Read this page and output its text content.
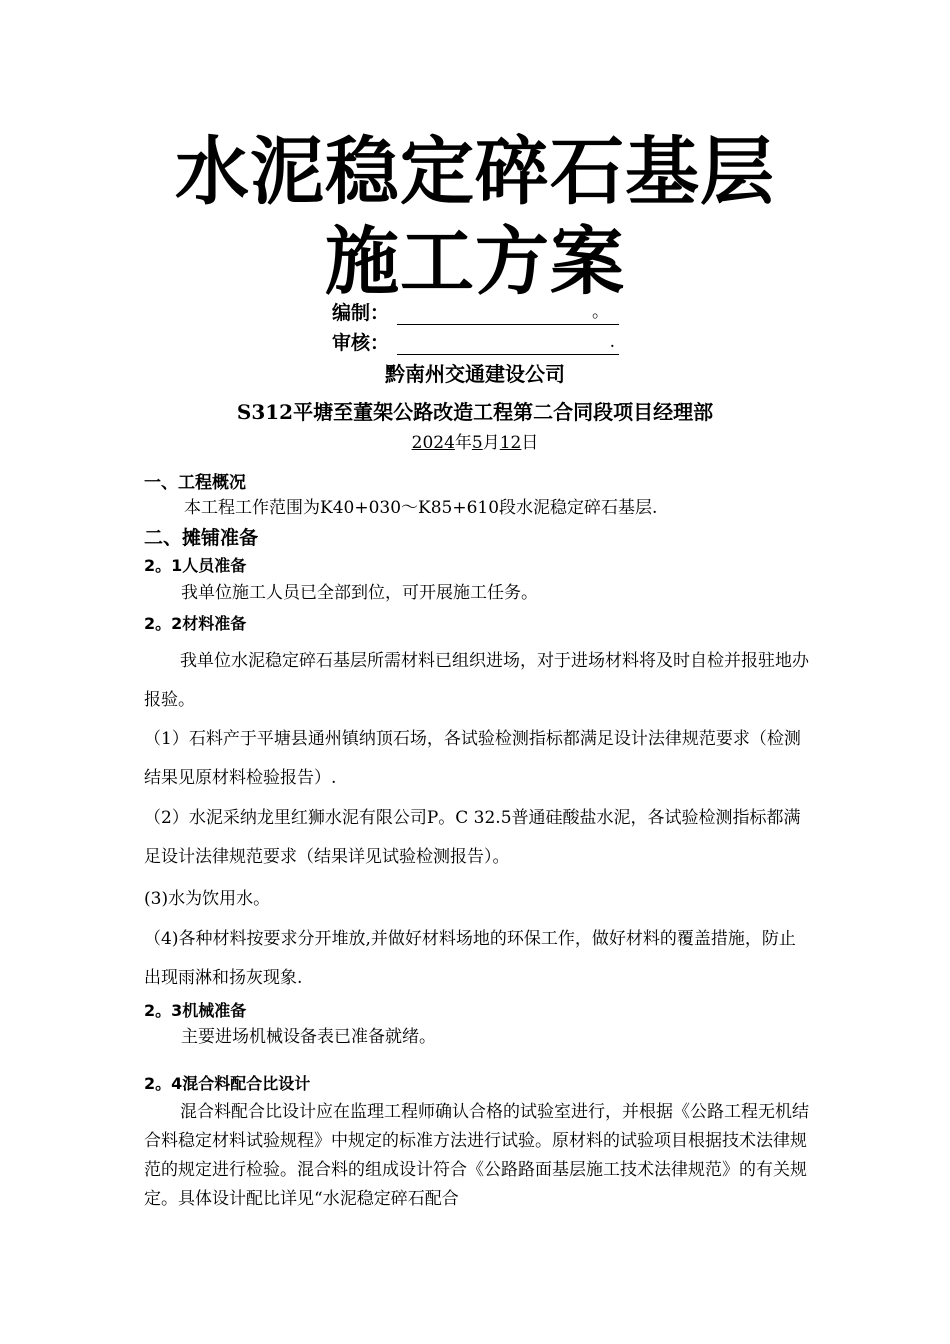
水泥稳定碎石基层
施工方案
编制：	。
审核：	.
黔南州交通建设公司
S312平塘至董架公路改造工程第二合同段项目经理部
2024年5月12日
一、工程概况
本工程工作范围为K40+030～K85+610段水泥稳定碎石基层.
二、摊铺准备
2。1人员准备
我单位施工人员已全部到位，可开展施工任务。
2。2材料准备
我单位水泥稳定碎石基层所需材料已组织进场，对于进场材料将及时自检并报驻地办报验。
（1）石料产于平塘县通州镇纳顶石场，各试验检测指标都满足设计法律规范要求（检测结果见原材料检验报告）.
（2）水泥采纳龙里红狮水泥有限公司P。C 32.5普通硅酸盐水泥，各试验检测指标都满足设计法律规范要求（结果详见试验检测报告）。
(3)水为饮用水。
（4)各种材料按要求分开堆放,并做好材料场地的环保工作，做好材料的覆盖措施，防止出现雨淋和扬灰现象.
2。3机械准备
主要进场机械设备表已准备就绪。
2。4混合料配合比设计
混合料配合比设计应在监理工程师确认合格的试验室进行，并根据《公路工程无机结合料稳定材料试验规程》中规定的标准方法进行试验。原材料的试验项目根据技术法律规范的规定进行检验。混合料的组成设计符合《公路路面基层施工技术法律规范》的有关规定。具体设计配比详见“水泥稳定碎石配合
